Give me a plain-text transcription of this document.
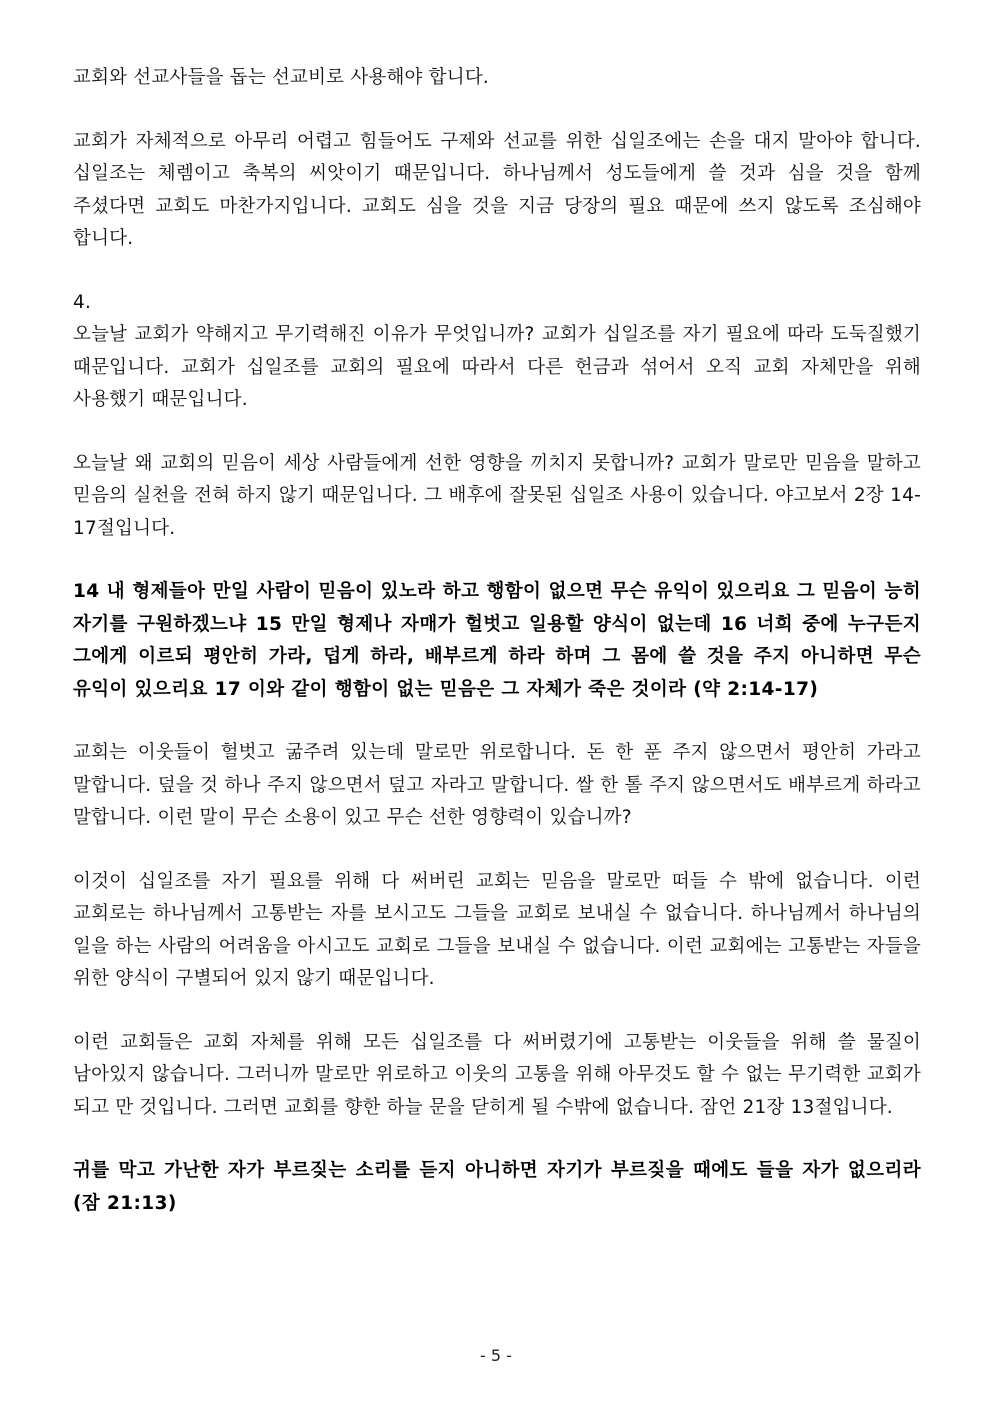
교회와 선교사들을 돕는 선교비로 사용해야 합니다.

교회가 자체적으로 아무리 어렵고 힘들어도 구제와 선교를 위한 십일조에는 손을 대지 말아야 합니다. 십일조는 체렘이고 축복의 씨앗이기 때문입니다. 하나님께서 성도들에게 쓸 것과 심을 것을 함께 주셨다면 교회도 마찬가지입니다. 교회도 심을 것을 지금 당장의 필요 때문에 쓰지 않도록 조심해야 합니다.

4.

오늘날 교회가 약해지고 무기력해진 이유가 무엇입니까? 교회가 십일조를 자기 필요에 따라 도둑질했기 때문입니다. 교회가 십일조를 교회의 필요에 따라서 다른 헌금과 섞어서 오직 교회 자체만을 위해 사용했기 때문입니다.

오늘날 왜 교회의 믿음이 세상 사람들에게 선한 영향을 끼치지 못합니까? 교회가 말로만 믿음을 말하고 믿음의 실천을 전혀 하지 않기 때문입니다. 그 배후에 잘못된 십일조 사용이 있습니다. 야고보서 2장 14-17절입니다.

14 내 형제들아 만일 사람이 믿음이 있노라 하고 행함이 없으면 무슨 유익이 있으리요 그 믿음이 능히 자기를 구원하겠느냐 15 만일 형제나 자매가 헐벗고 일용할 양식이 없는데 16 너희 중에 누구든지 그에게 이르되 평안히 가라, 덥게 하라, 배부르게 하라 하며 그 몸에 쓸 것을 주지 아니하면 무슨 유익이 있으리요 17 이와 같이 행함이 없는 믿음은 그 자체가 죽은 것이라 (약 2:14-17)

교회는 이웃들이 헐벗고 굶주려 있는데 말로만 위로합니다. 돈 한 푼 주지 않으면서 평안히 가라고 말합니다. 덮을 것 하나 주지 않으면서 덮고 자라고 말합니다. 쌀 한 톨 주지 않으면서도 배부르게 하라고 말합니다. 이런 말이 무슨 소용이 있고 무슨 선한 영향력이 있습니까?

이것이 십일조를 자기 필요를 위해 다 써버린 교회는 믿음을 말로만 떠들 수 밖에 없습니다. 이런 교회로는 하나님께서 고통받는 자를 보시고도 그들을 교회로 보내실 수 없습니다. 하나님께서 하나님의 일을 하는 사람의 어려움을 아시고도 교회로 그들을 보내실 수 없습니다. 이런 교회에는 고통받는 자들을 위한 양식이 구별되어 있지 않기 때문입니다.

이런 교회들은 교회 자체를 위해 모든 십일조를 다 써버렸기에 고통받는 이웃들을 위해 쓸 물질이 남아있지 않습니다. 그러니까 말로만 위로하고 이웃의 고통을 위해 아무것도 할 수 없는 무기력한 교회가 되고 만 것입니다. 그러면 교회를 향한 하늘 문을 닫히게 될 수밖에 없습니다. 잠언 21장 13절입니다.

귀를 막고 가난한 자가 부르짖는 소리를 듣지 아니하면 자기가 부르짖을 때에도 들을 자가 없으리라 (잠 21:13)

- 5 -
